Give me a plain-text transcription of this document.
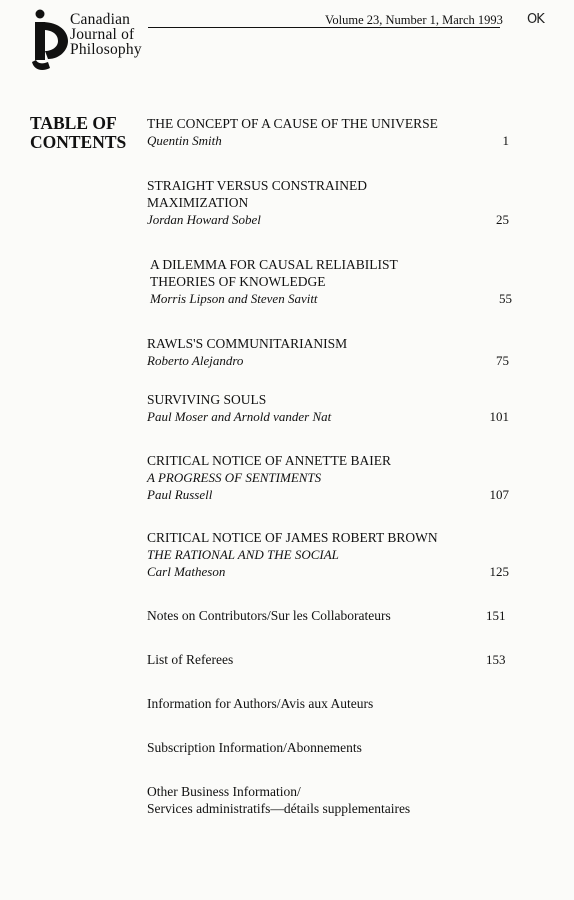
Canadian
Journal of
Philosophy
Volume 23, Number 1, March 1993 OK
TABLE OF
CONTENTS
THE CONCEPT OF A CAUSE OF THE UNIVERSE
Quentin Smith	1
STRAIGHT VERSUS CONSTRAINED
MAXIMIZATION
Jordan Howard Sobel	25
A DILEMMA FOR CAUSAL RELIABILIST
THEORIES OF KNOWLEDGE
Morris Lipson and Steven Savitt	55
RAWLS'S COMMUNITARIANISM
Roberto Alejandro	75
SURVIVING SOULS
Paul Moser and Arnold vander Nat	101
CRITICAL NOTICE OF ANNETTE BAIER
A PROGRESS OF SENTIMENTS
Paul Russell	107
CRITICAL NOTICE OF JAMES ROBERT BROWN
THE RATIONAL AND THE SOCIAL
Carl Matheson	125
Notes on Contributors/Sur les Collaborateurs	151
List of Referees	153
Information for Authors/Avis aux Auteurs
Subscription Information/Abonnements
Other Business Information/
Services administratifs—détails supplementaires
